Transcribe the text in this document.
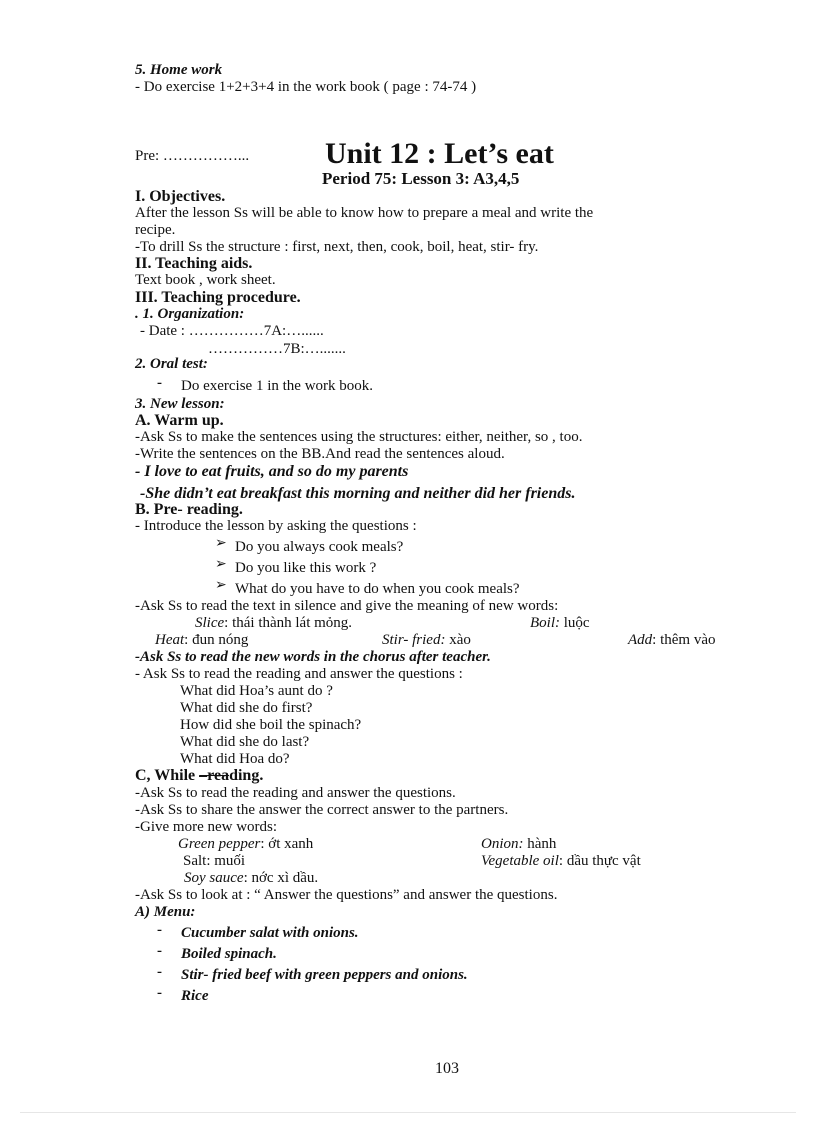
5. Home work
- Do exercise 1+2+3+4 in the work book ( page : 74-74 )
Pre: ……………...	Unit 12 : Let’s eat
Period 75: Lesson 3: A3,4,5
I. Objectives.
After the lesson Ss will be able to know how to prepare a meal and write the
recipe.
-To drill Ss the structure : first, next, then, cook, boil, heat, stir- fry.
II. Teaching aids.
Text book , work sheet.
III. Teaching procedure.
. 1. Organization:
- Date : ……………7A:…......
……………7B:….......
2. Oral test:
- Do exercise 1 in the work book.
3. New lesson:
A. Warm up.
-Ask Ss to make the sentences using the structures: either, neither, so , too.
-Write the sentences on the BB.And read the sentences aloud.
- I love to eat fruits, and so do my parents
-She didn’t eat breakfast this morning and neither did her friends.
B. Pre- reading.
- Introduce the lesson by asking the questions :
➢ Do you always cook meals?
➢ Do you like this work ?
➢ What do you have to do when you cook meals?
-Ask Ss to read the text in silence and give the meaning of new words:
Slice: thái thành lát mỏng.	Boil: luộc
Heat: đun nóng	Stir- fried: xào	Add: thêm vào
-Ask Ss to read the new words in the chorus after teacher.
- Ask Ss to read the reading and answer the questions :
What did Hoa’s aunt do ?
What did she do first?
How did she boil the spinach?
What did she do last?
What did Hoa do?
C, While –reading.
-Ask Ss to read the reading and answer the questions.
-Ask Ss to share the answer the correct answer to the partners.
-Give more new words:
Green pepper: ớt xanh	Onion: hành
Salt: muối	Vegetable oil: dầu thực vật
Soy sauce: nớc xì dầu.
-Ask Ss to look at : “ Answer the questions” and answer the questions.
A) Menu:
- Cucumber salat with onions.
- Boiled spinach.
- Stir- fried beef with green peppers and onions.
- Rice
103
